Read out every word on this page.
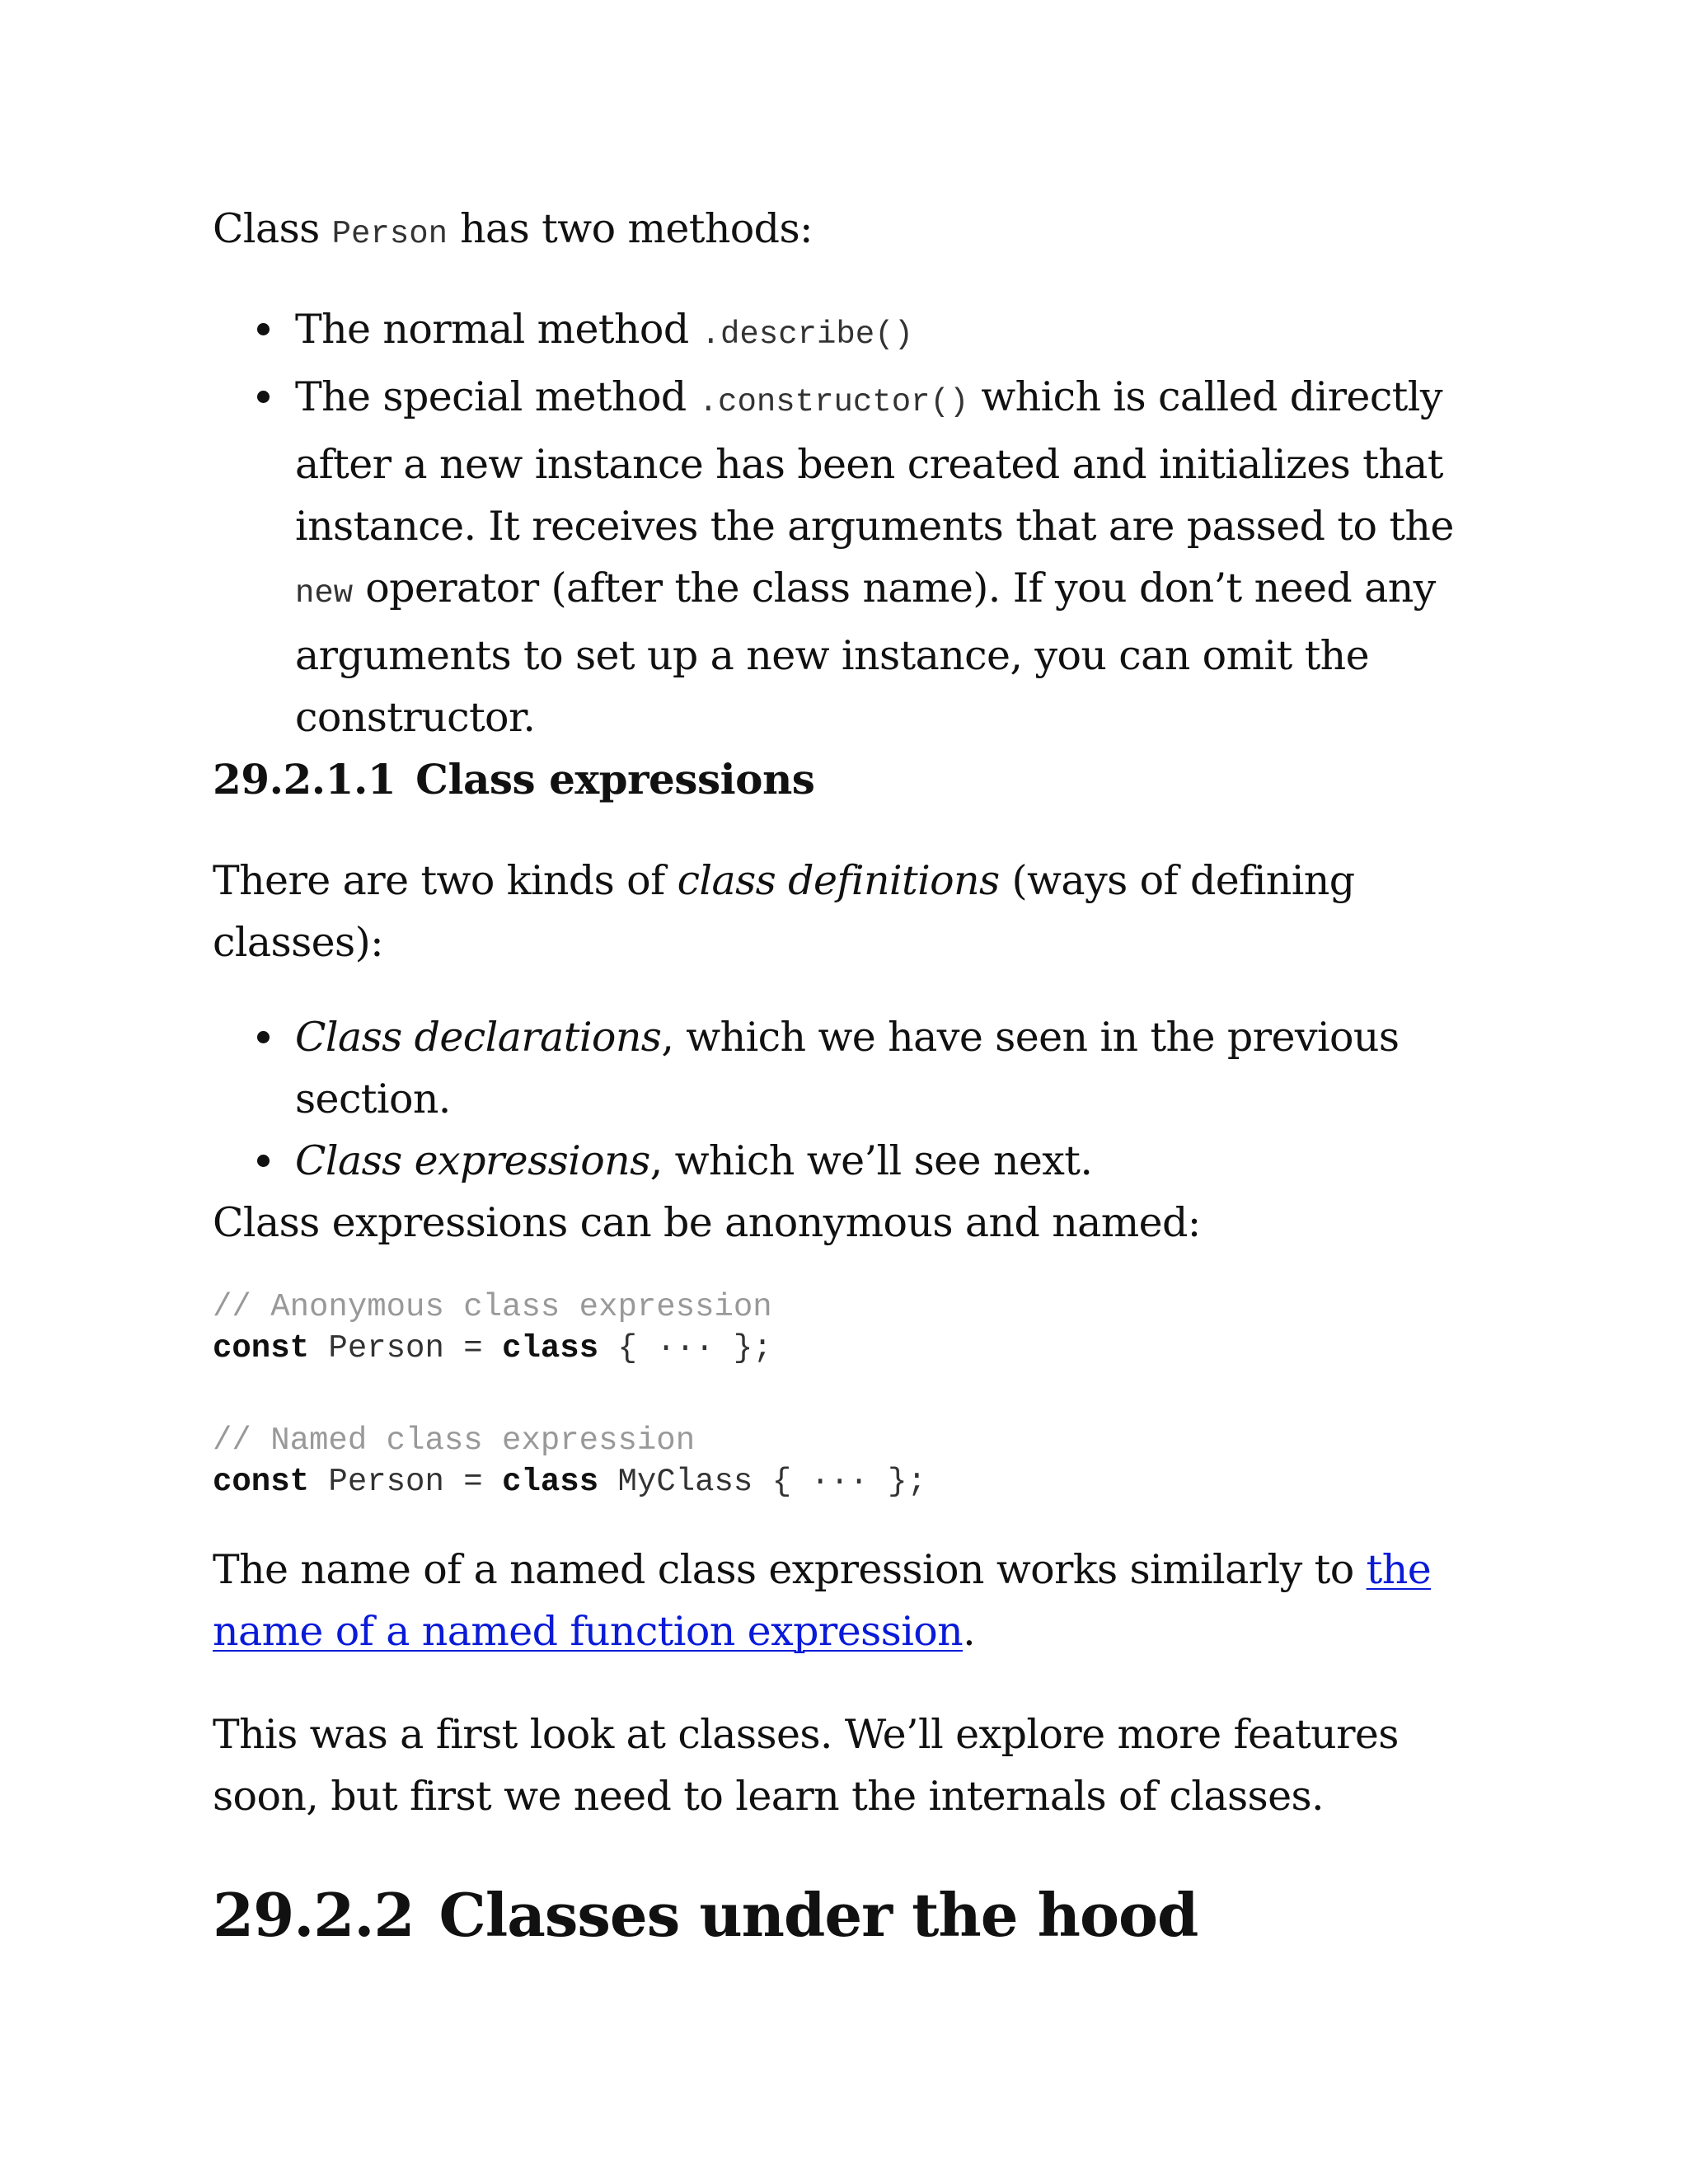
Class Person has two methods:

The normal method .describe()
The special method .constructor() which is called directly after a new instance has been created and initializes that instance. It receives the arguments that are passed to the new operator (after the class name). If you don’t need any arguments to set up a new instance, you can omit the constructor.
29.2.1.1 Class expressions

There are two kinds of class definitions (ways of defining classes):

Class declarations, which we have seen in the previous section.
Class expressions, which we’ll see next.

Class expressions can be anonymous and named:

// Anonymous class expression
const Person = class { ··· };
// Named class expression
const Person = class MyClass { ··· };

The name of a named class expression works similarly to the name of a named function expression.

This was a first look at classes. We’ll explore more features soon, but first we need to learn the internals of classes.

29.2.2 Classes under the hood
